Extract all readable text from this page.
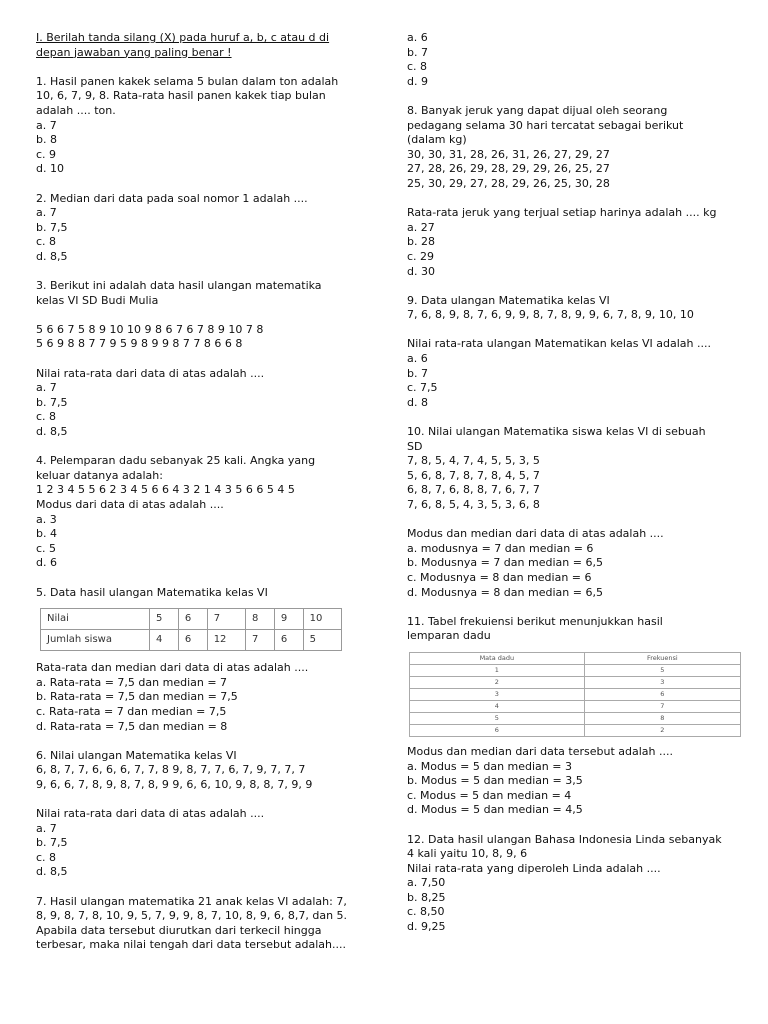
I. Berilah tanda silang (X) pada huruf a, b, c atau d di
depan jawaban yang paling benar !
1. Hasil panen kakek selama 5 bulan dalam ton adalah
10, 6, 7, 9, 8. Rata-rata hasil panen kakek tiap bulan
adalah .... ton.
a. 7
b. 8
c. 9
d. 10
2. Median dari data pada soal nomor 1 adalah ....
a. 7
b. 7,5
c. 8
d. 8,5
3. Berikut ini adalah data hasil ulangan matematika
kelas VI SD Budi Mulia
5 6 6 7 5 8 9 10 10 9 8 6 7 6 7 8 9 10 7 8
5 6 9 8 8 7 7 9 5 9 8 9 9 8 7 7 8 6 6 8
Nilai rata-rata dari data di atas adalah ....
a. 7
b. 7,5
c. 8
d. 8,5
4. Pelemparan dadu sebanyak 25 kali. Angka yang
keluar datanya adalah:
1 2 3 4 5 5 6 2 3 4 5 6 6 4 3 2 1 4 3 5 6 6 5 4 5
Modus dari data di atas adalah ....
a. 3
b. 4
c. 5
d. 6
5. Data hasil ulangan Matematika kelas VI
Nilai	5	6	7	8	9	10
Jumlah siswa	4	6	12	7	6	5
Rata-rata dan median dari data di atas adalah ....
a. Rata-rata = 7,5 dan median = 7
b. Rata-rata = 7,5 dan median = 7,5
c. Rata-rata = 7 dan median = 7,5
d. Rata-rata = 7,5 dan median = 8
6. Nilai ulangan Matematika kelas VI
6, 8, 7, 7, 6, 6, 6, 7, 7, 8 9, 8, 7, 7, 6, 7, 9, 7, 7, 7
9, 6, 6, 7, 8, 9, 8, 7, 8, 9 9, 6, 6, 10, 9, 8, 8, 7, 9, 9
Nilai rata-rata dari data di atas adalah ....
a. 7
b. 7,5
c. 8
d. 8,5
7. Hasil ulangan matematika 21 anak kelas VI adalah: 7,
8, 9, 8, 7, 8, 10, 9, 5, 7, 9, 9, 8, 7, 10, 8, 9, 6, 8,7, dan 5.
Apabila data tersebut diurutkan dari terkecil hingga
terbesar, maka nilai tengah dari data tersebut adalah....
a. 6
b. 7
c. 8
d. 9
8. Banyak jeruk yang dapat dijual oleh seorang
pedagang selama 30 hari tercatat sebagai berikut
(dalam kg)
30, 30, 31, 28, 26, 31, 26, 27, 29, 27
27, 28, 26, 29, 28, 29, 29, 26, 25, 27
25, 30, 29, 27, 28, 29, 26, 25, 30, 28
Rata-rata jeruk yang terjual setiap harinya adalah .... kg
a. 27
b. 28
c. 29
d. 30
9. Data ulangan Matematika kelas VI
7, 6, 8, 9, 8, 7, 6, 9, 9, 8, 7, 8, 9, 9, 6, 7, 8, 9, 10, 10
Nilai rata-rata ulangan Matematikan kelas VI adalah ....
a. 6
b. 7
c. 7,5
d. 8
10. Nilai ulangan Matematika siswa kelas VI di sebuah
SD
7, 8, 5, 4, 7, 4, 5, 5, 3, 5
5, 6, 8, 7, 8, 7, 8, 4, 5, 7
6, 8, 7, 6, 8, 8, 7, 6, 7, 7
7, 6, 8, 5, 4, 3, 5, 3, 6, 8
Modus dan median dari data di atas adalah ....
a. modusnya = 7 dan median = 6
b. Modusnya = 7 dan median = 6,5
c. Modusnya = 8 dan median = 6
d. Modusnya = 8 dan median = 6,5
11. Tabel frekuiensi berikut menunjukkan hasil
lemparan dadu
Mata dadu	Frekuensi
1	5
2	3
3	6
4	7
5	8
6	2
Modus dan median dari data tersebut adalah ....
a. Modus = 5 dan median = 3
b. Modus = 5 dan median = 3,5
c. Modus = 5 dan median = 4
d. Modus = 5 dan median = 4,5
12. Data hasil ulangan Bahasa Indonesia Linda sebanyak
4 kali yaitu 10, 8, 9, 6
Nilai rata-rata yang diperoleh Linda adalah ....
a. 7,50
b. 8,25
c. 8,50
d. 9,25
